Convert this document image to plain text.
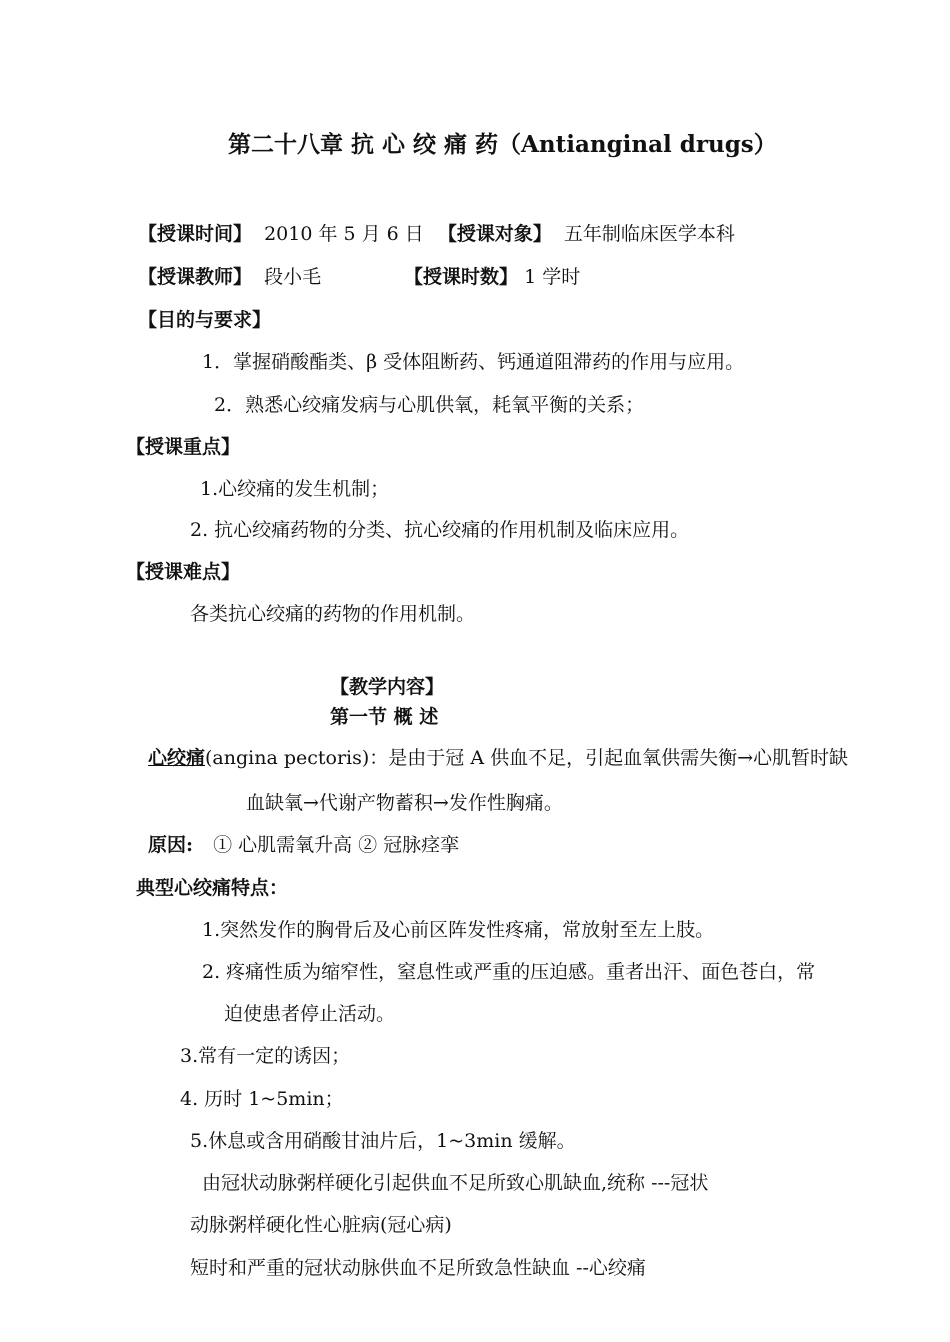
第二十八章 抗 心 绞 痛 药（Antianginal drugs）
【授课时间】 2010 年 5 月 6 日 【授课对象】 五年制临床医学本科
【授课教师】 段小毛	【授课时数】 1 学时
【目的与要求】
1．掌握硝酸酯类、β 受体阻断药、钙通道阻滞药的作用与应用。
2．熟悉心绞痛发病与心肌供氧，耗氧平衡的关系；
【授课重点】
1.心绞痛的发生机制；
2. 抗心绞痛药物的分类、抗心绞痛的作用机制及临床应用。
【授课难点】
各类抗心绞痛的药物的作用机制。
【教学内容】
第一节 概 述
心绞痛(angina pectoris)：是由于冠 A 供血不足，引起血氧供需失衡→心肌暂时缺
血缺氧→代谢产物蓄积→发作性胸痛。
原因: ① 心肌需氧升高 ② 冠脉痉挛
典型心绞痛特点：
1.突然发作的胸骨后及心前区阵发性疼痛，常放射至左上肢。
2. 疼痛性质为缩窄性，窒息性或严重的压迫感。重者出汗、面色苍白，常
迫使患者停止活动。
3.常有一定的诱因；
4. 历时 1~5min；
5.休息或含用硝酸甘油片后，1~3min 缓解。
由冠状动脉粥样硬化引起供血不足所致心肌缺血,统称 ---冠状
动脉粥样硬化性心脏病(冠心病)
短时和严重的冠状动脉供血不足所致急性缺血 --心绞痛
